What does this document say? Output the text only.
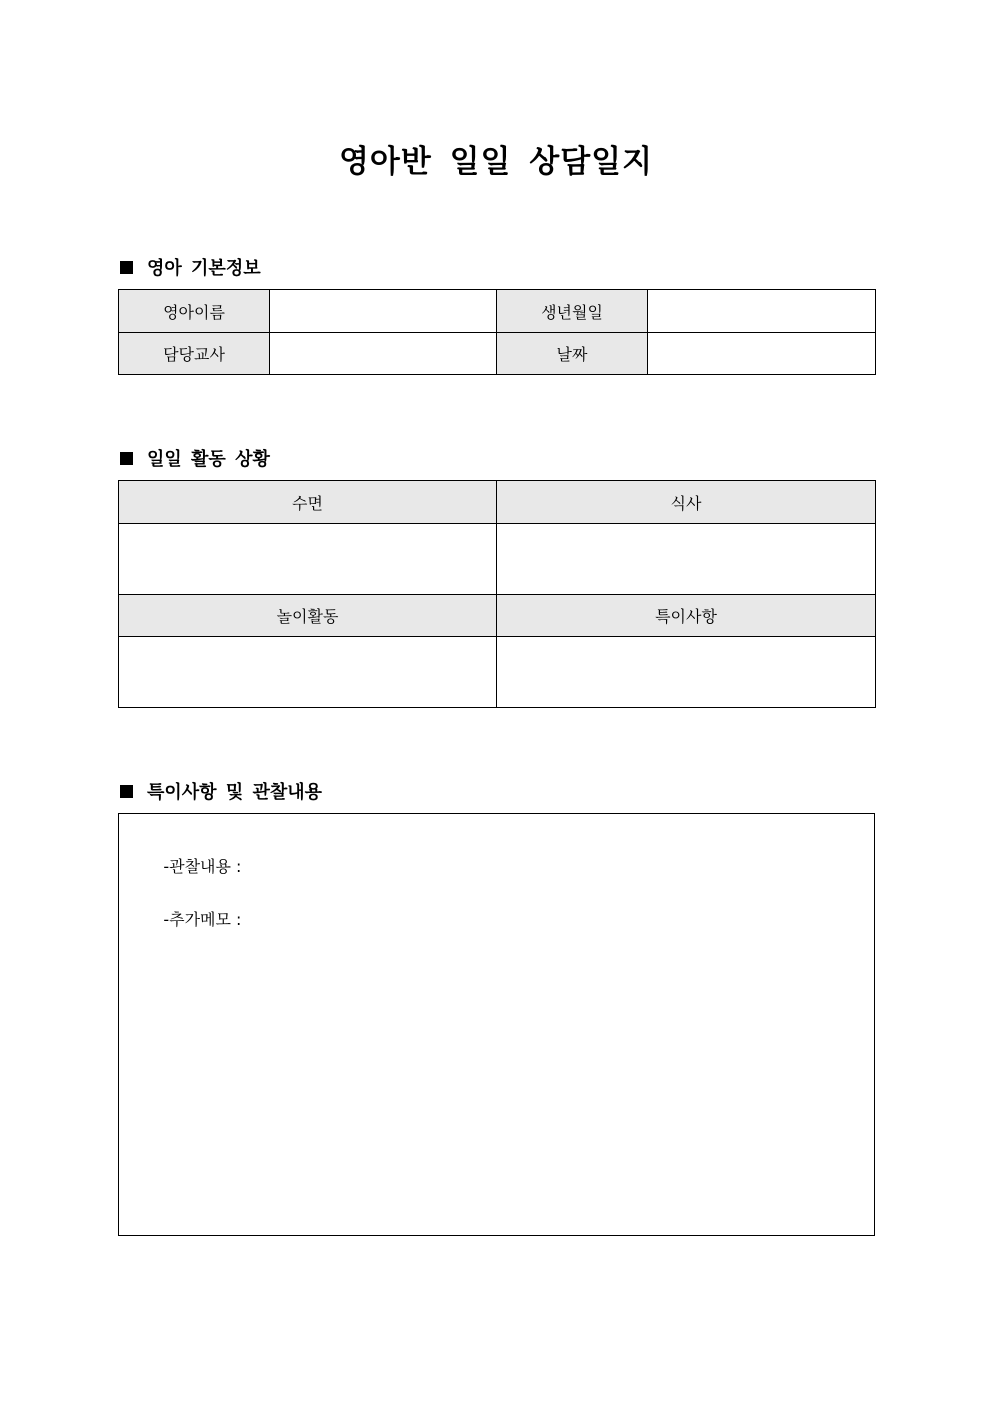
영아반 일일 상담일지
영아 기본정보
영아이름		생년월일	
담당교사		날짜	
일일 활동 상황
수면	식사

놀이활동	특이사항

특이사항 및 관찰내용

-관찰내용 :

-추가메모 :
